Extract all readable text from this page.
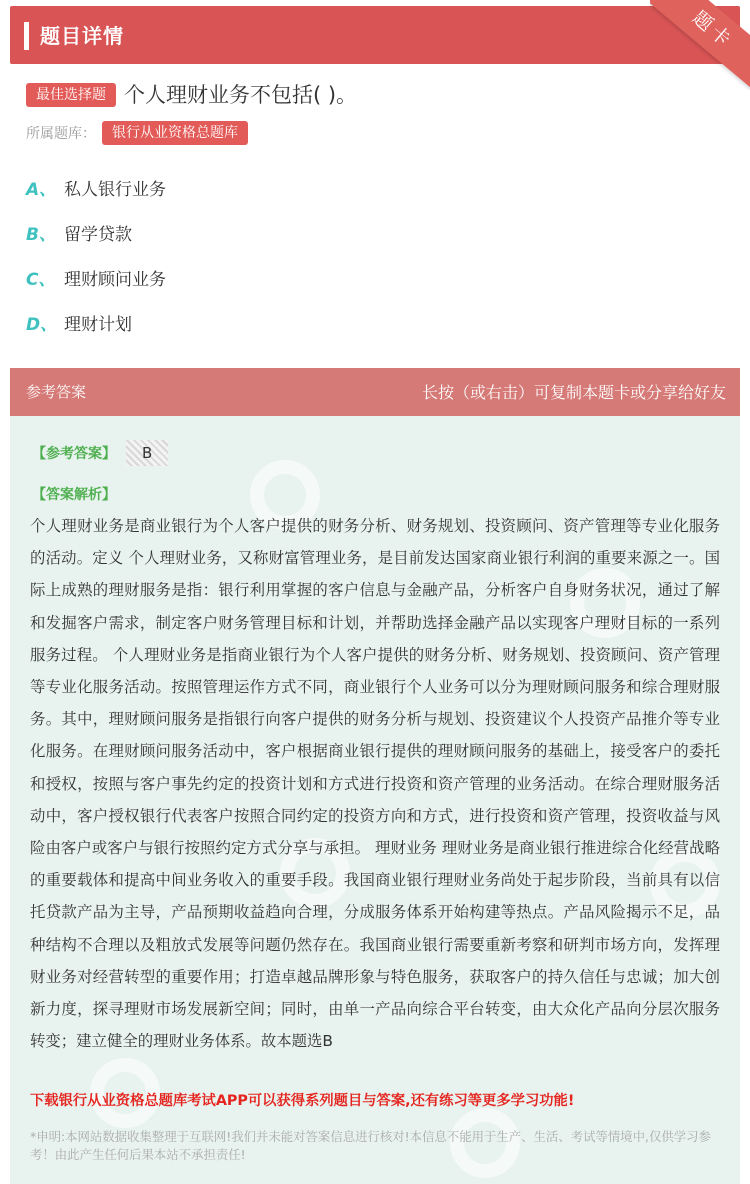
题目详情	题卡
最佳选择题 个人理财业务不包括( )。
所属题库：	银行从业资格总题库
A、 私人银行业务
B、 留学贷款
C、 理财顾问业务
D、 理财计划
参考答案	长按（或右击）可复制本题卡或分享给好友
【参考答案】	B
【答案解析】
个人理财业务是商业银行为个人客户提供的财务分析、财务规划、投资顾问、资产管理等专业化服务的活动。定义 个人理财业务，又称财富管理业务，是目前发达国家商业银行利润的重要来源之一。国际上成熟的理财服务是指：银行利用掌握的客户信息与金融产品，分析客户自身财务状况，通过了解和发掘客户需求，制定客户财务管理目标和计划，并帮助选择金融产品以实现客户理财目标的一系列服务过程。 个人理财业务是指商业银行为个人客户提供的财务分析、财务规划、投资顾问、资产管理等专业化服务活动。按照管理运作方式不同，商业银行个人业务可以分为理财顾问服务和综合理财服务。其中，理财顾问服务是指银行向客户提供的财务分析与规划、投资建议个人投资产品推介等专业化服务。在理财顾问服务活动中，客户根据商业银行提供的理财顾问服务的基础上，接受客户的委托和授权，按照与客户事先约定的投资计划和方式进行投资和资产管理的业务活动。在综合理财服务活动中，客户授权银行代表客户按照合同约定的投资方向和方式，进行投资和资产管理，投资收益与风险由客户或客户与银行按照约定方式分享与承担。 理财业务 理财业务是商业银行推进综合化经营战略的重要载体和提高中间业务收入的重要手段。我国商业银行理财业务尚处于起步阶段，当前具有以信托贷款产品为主导，产品预期收益趋向合理，分成服务体系开始构建等热点。产品风险揭示不足，品种结构不合理以及粗放式发展等问题仍然存在。我国商业银行需要重新考察和研判市场方向，发挥理财业务对经营转型的重要作用；打造卓越品牌形象与特色服务，获取客户的持久信任与忠诚；加大创新力度，探寻理财市场发展新空间；同时，由单一产品向综合平台转变，由大众化产品向分层次服务转变；建立健全的理财业务体系。故本题选B
下载银行从业资格总题库考试APP可以获得系列题目与答案,还有练习等更多学习功能!
*申明:本网站数据收集整理于互联网!我们并未能对答案信息进行核对!本信息不能用于生产、生活、考试等情境中,仅供学习参考！由此产生任何后果本站不承担责任!
